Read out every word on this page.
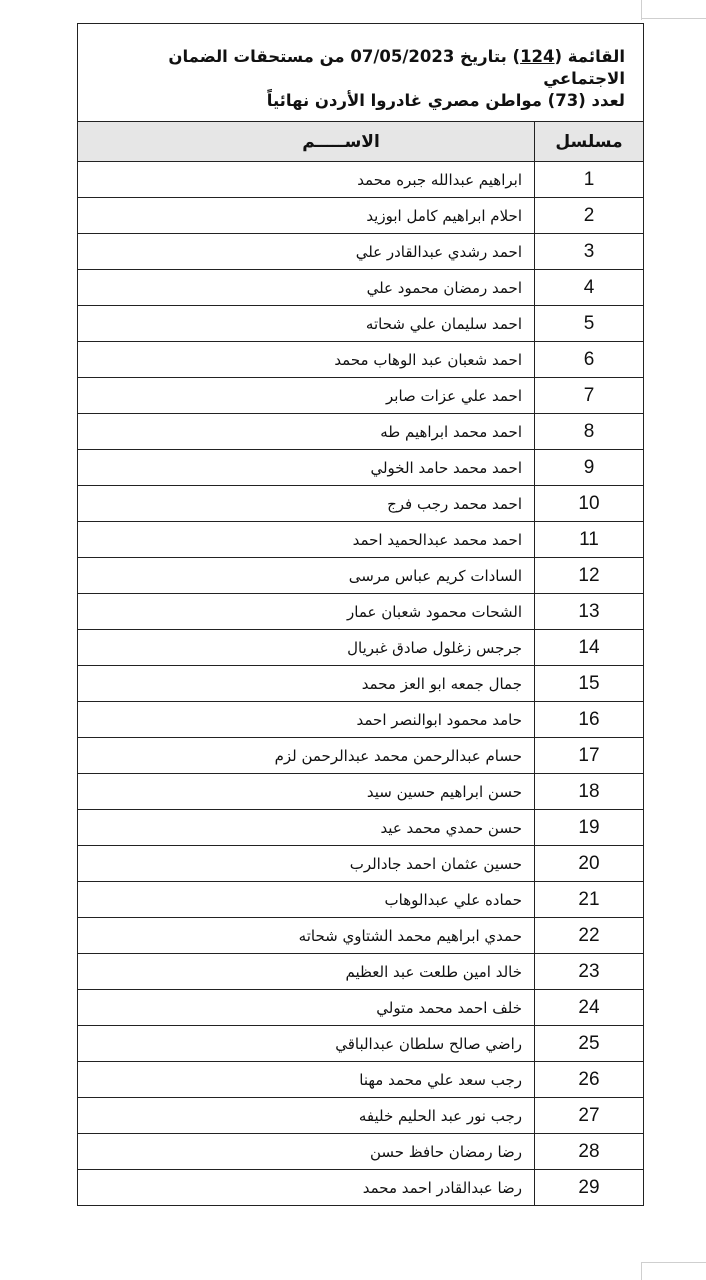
القائمة (124) بتاريخ 07/05/2023 من مستحقات الضمان الاجتماعي
لعدد (73) مواطن مصري غادروا الأردن نهائياً
مسلسل	الاســـــم
1	ابراهيم عبدالله جبره محمد
2	احلام ابراهيم كامل ابوزيد
3	احمد رشدي عبدالقادر علي
4	احمد رمضان محمود علي
5	احمد سليمان علي شحاته
6	احمد شعبان عبد الوهاب محمد
7	احمد علي عزات صابر
8	احمد محمد ابراهيم طه
9	احمد محمد حامد الخولي
10	احمد محمد رجب فرج
11	احمد محمد عبدالحميد احمد
12	السادات كريم عباس مرسى
13	الشحات محمود شعبان عمار
14	جرجس زغلول صادق غبريال
15	جمال جمعه ابو العز محمد
16	حامد محمود ابوالنصر احمد
17	حسام عبدالرحمن محمد عبدالرحمن لزم
18	حسن ابراهيم حسين سيد
19	حسن حمدي محمد عيد
20	حسين عثمان احمد جادالرب
21	حماده علي عبدالوهاب
22	حمدي ابراهيم محمد الشتاوي شحاته
23	خالد امين طلعت عبد العظيم
24	خلف احمد محمد متولي
25	راضي صالح سلطان عبدالباقي
26	رجب سعد علي محمد مهنا
27	رجب نور عبد الحليم خليفه
28	رضا رمضان حافظ حسن
29	رضا عبدالقادر احمد محمد
